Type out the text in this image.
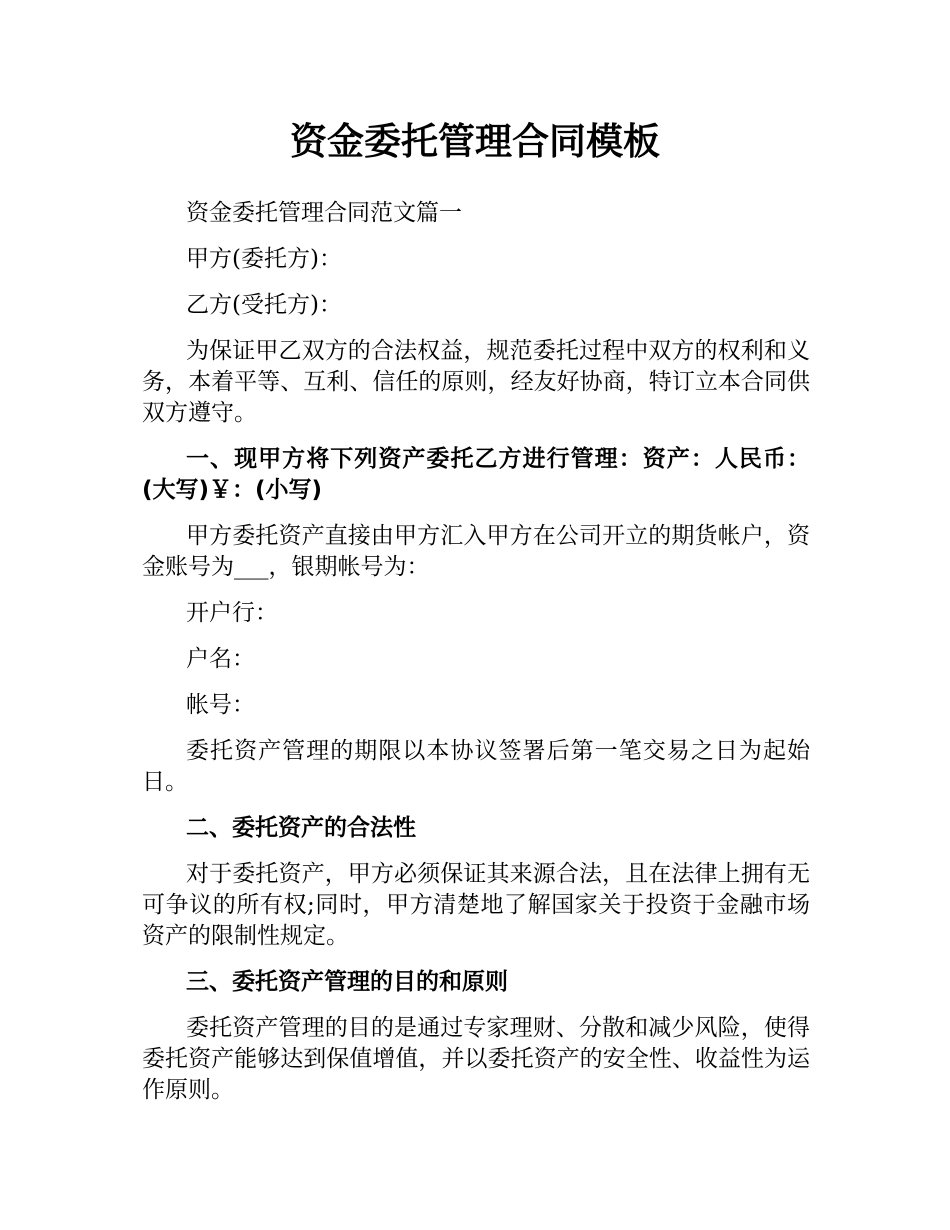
资金委托管理合同模板

资金委托管理合同范文篇一

甲方(委托方)：

乙方(受托方)：

为保证甲乙双方的合法权益，规范委托过程中双方的权利和义务，本着平等、互利、信任的原则，经友好协商，特订立本合同供双方遵守。

一、现甲方将下列资产委托乙方进行管理：资产：人民币：(大写)￥：(小写)

甲方委托资产直接由甲方汇入甲方在公司开立的期货帐户，资金账号为___，银期帐号为：

开户行：

户名：

帐号：

委托资产管理的期限以本协议签署后第一笔交易之日为起始日。

二、委托资产的合法性

对于委托资产，甲方必须保证其来源合法，且在法律上拥有无可争议的所有权;同时，甲方清楚地了解国家关于投资于金融市场资产的限制性规定。

三、委托资产管理的目的和原则

委托资产管理的目的是通过专家理财、分散和减少风险，使得委托资产能够达到保值增值，并以委托资产的安全性、收益性为运作原则。
